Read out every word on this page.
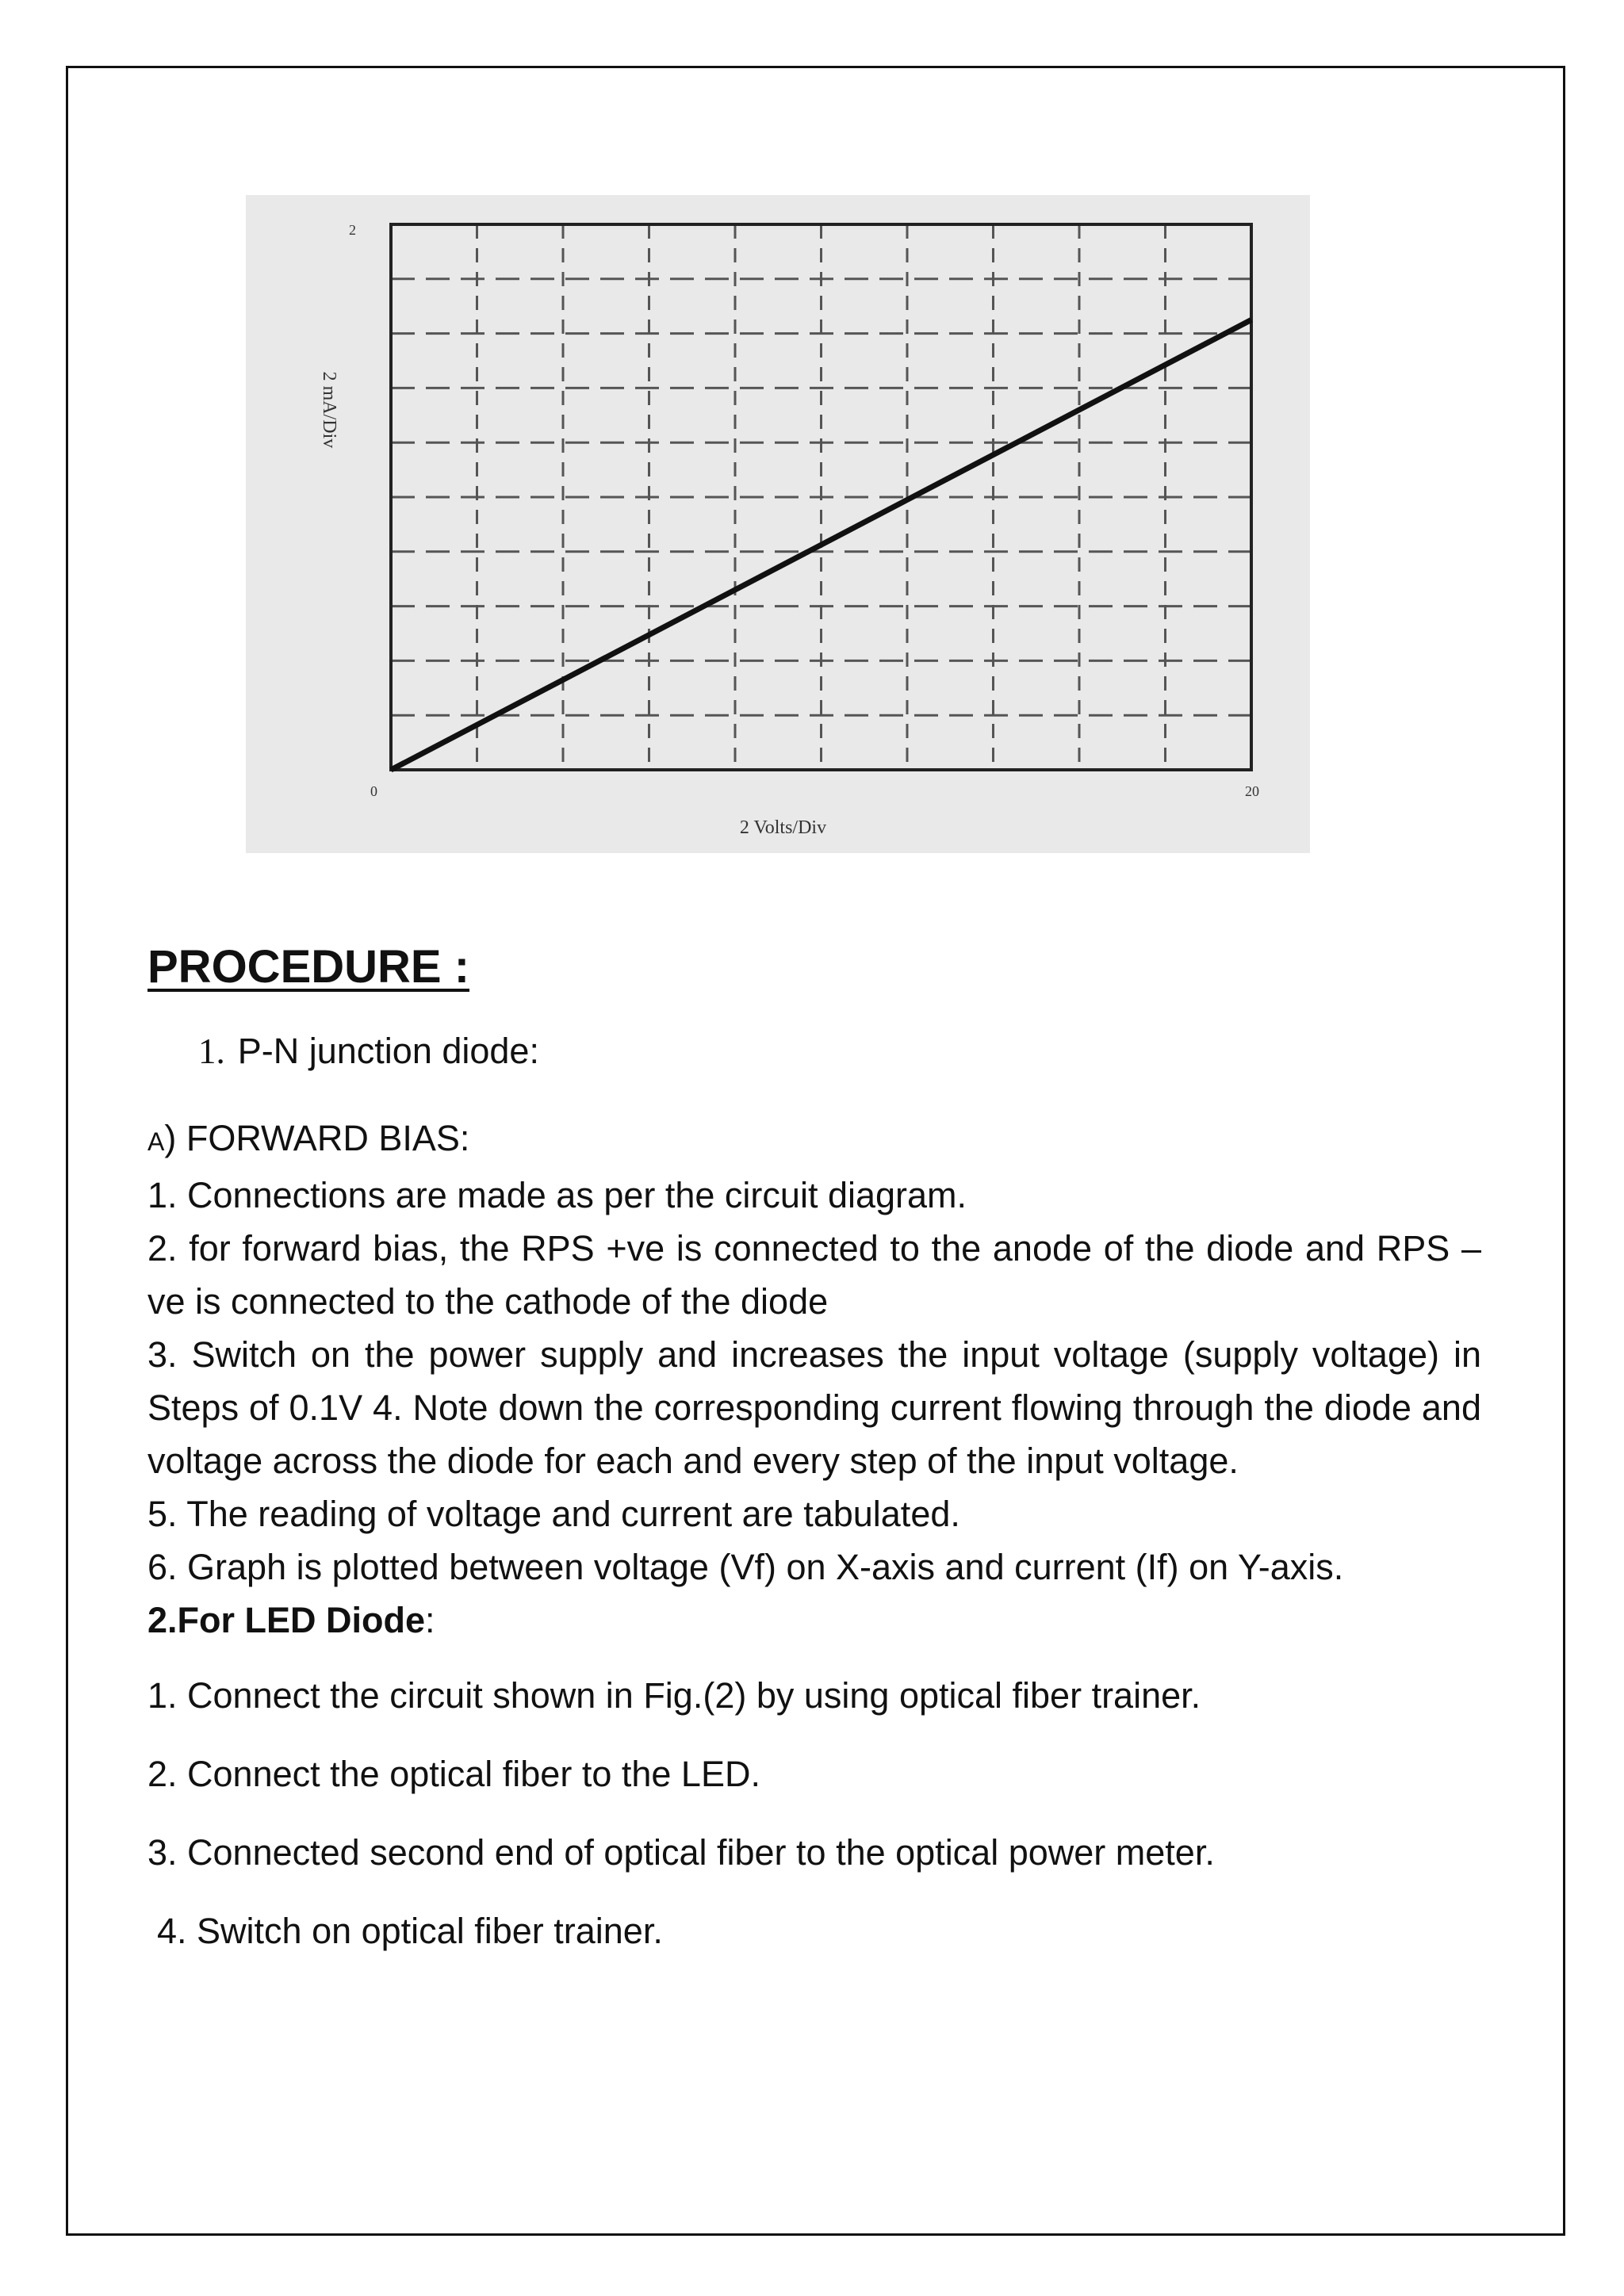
2
0	20
2 Volts/Div
2 mA/Div

PROCEDURE :

1. P-N junction diode:

A) FORWARD BIAS:

1. Connections are made as per the circuit diagram.

2. for forward bias, the RPS +ve is connected to the anode of the diode and RPS –ve is connected to the cathode of the diode

3. Switch on the power supply and increases the input voltage (supply voltage) in Steps of 0.1V 4. Note down the corresponding current flowing through the diode and voltage across the diode for each and every step of the input voltage.

5. The reading of voltage and current are tabulated.

6. Graph is plotted between voltage (Vf) on X-axis and current (If) on Y-axis.

2.For LED Diode:

1. Connect the circuit shown in Fig.(2) by using optical fiber trainer.

2. Connect the optical fiber to the LED.

3. Connected second end of optical fiber to the optical power meter.

4. Switch on optical fiber trainer.
